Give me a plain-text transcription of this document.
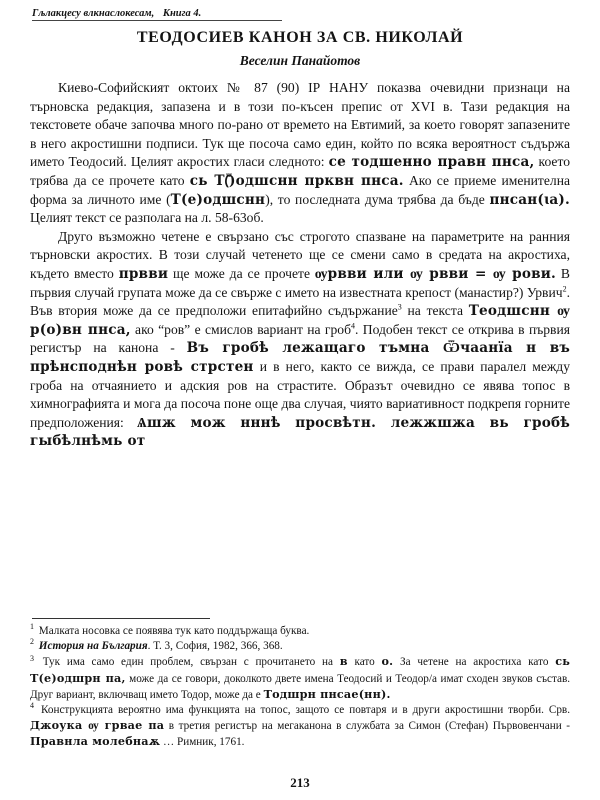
Гљлакцесу влкнаслокесам, Книга 4.
ТЕОДОСИЕВ КАНОН ЗА СВ. НИКОЛАЙ
Веселин Панайотов

Киево-Софийският октоих № 87 (90) IР НАНУ показва очевидни признаци на търновска редакция, запазена и в този по-късен препис от XVI в. Тази редакция на текстовете обаче започва много по-рано от времето на Евтимий, за което говорят запазените в него акростишни подписи. Тук ще посоча само един, който по всяка вероятност съдържа името Теодосий. Целият акростих гласи следното: се тодшенно правн пнса, което трябва да се прочете като сь Т(ꙻ)одшснн прквн пнса. Ако се приеме именителна форма за личното име (Т(е)одшснн), то последната дума трябва да бъде пнсан(ꙇа). Целият текст се разполага на л. 58-63об.

Друго възможно четене е свързано със строгото спазване на параметрите на ранния търновски акростих. В този случай четенето ще се смени само в средата на акростиха, където вместо првви ще може да се прочете ѹрвви или ѹ рвви = ѹ рови. В първия случай групата може да се свърже с името на известната крепост (манастир?) Урвич$^2$. Във втория може да се предположи епитафийно съдържание$^3$ на текста Теодшснн ѹ р(о)вн пнса, ако “ров” е смислов вариант на гроб$^4$. Подобен текст се открива в първия регистър на канона - Въ гробѣ лежащаго тъмна Ѿчаанїа н въ прѣнсподнѣн ровѣ стрстен и в него, както се вижда, се прави паралел между гроба на отчаянието и адския ров на страстите. Образът очевидно се явява топос в химнографията и мога да посоча поне още два случая, чиято вариативност подкрепя горните предположения: Ѧшж мож нннѣ просвѣтн. лежжшжа вь гробѣ гыбѣлнѣмь от

$^1$ Малката носовка се появява тук като поддържаща буква.

$^2$ История на България. Т. 3, София, 1982, 366, 368.

$^3$ Тук има само един проблем, свързан с прочитането на в като о. За четене на акростиха като сь Т(е)одшрн па, може да се говори, доколкото двете имена Теодосий и Теодор/а имат сходен звуков състав. Друг вариант, включващ името Тодор, може да е Тодшрн пнсае(нн).

$^4$ Конструкцията вероятно има функцията на топос, защото се повтаря и в други акростишни творби. Срв. Джоука ѹ грвае па в третия регистър на мегаканона в службата за Симон (Стефан) Първовенчани - Правнла молебнаѫ … Римник, 1761.

213
